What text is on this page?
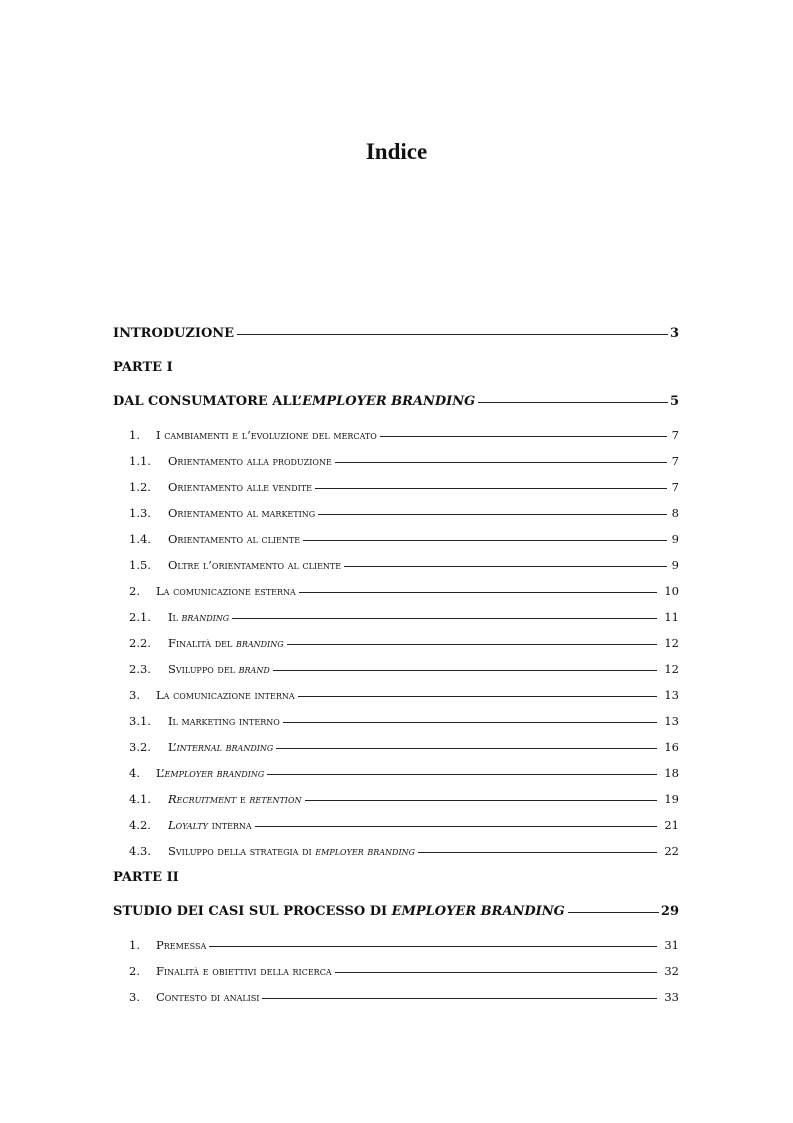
Indice
INTRODUZIONE	3
PARTE I
DAL CONSUMATORE ALL’EMPLOYER BRANDING	5
1.	I cambiamenti e l’evoluzione del mercato	7
1.1.	Orientamento alla produzione	7
1.2.	Orientamento alle vendite	7
1.3.	Orientamento al marketing	8
1.4.	Orientamento al cliente	9
1.5.	Oltre l’orientamento al cliente	9
2.	La comunicazione esterna	10
2.1.	Il branding	11
2.2.	Finalità del branding	12
2.3.	Sviluppo del brand	12
3.	La comunicazione interna	13
3.1.	Il marketing interno	13
3.2.	L’internal branding	16
4.	L’employer branding	18
4.1.	Recruitment e retention	19
4.2.	Loyalty interna	21
4.3.	Sviluppo della strategia di employer branding	22
PARTE II
STUDIO DEI CASI SUL PROCESSO DI EMPLOYER BRANDING	29
1.	Premessa	31
2.	Finalità e obiettivi della ricerca	32
3.	Contesto di analisi	33
